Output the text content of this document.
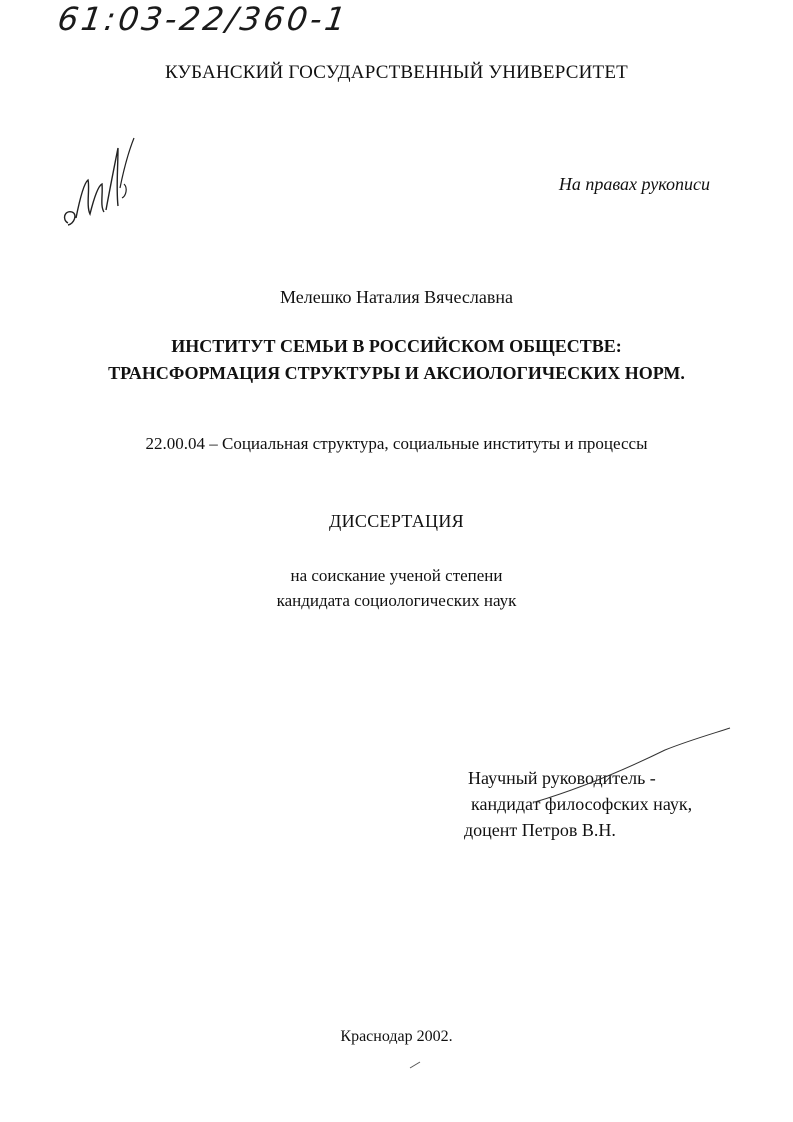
61:03-22/360-1
КУБАНСКИЙ ГОСУДАРСТВЕННЫЙ УНИВЕРСИТЕТ
На правах рукописи
Мелешко Наталия Вячеславна
ИНСТИТУТ СЕМЬИ В РОССИЙСКОМ ОБЩЕСТВЕ:
ТРАНСФОРМАЦИЯ СТРУКТУРЫ И АКСИОЛОГИЧЕСКИХ НОРМ.
22.00.04 – Социальная структура, социальные институты и процессы
ДИССЕРТАЦИЯ
на соискание ученой степени
кандидата социологических наук
Научный руководитель -
кандидат философских наук,
доцент Петров В.Н.
Краснодар 2002.
